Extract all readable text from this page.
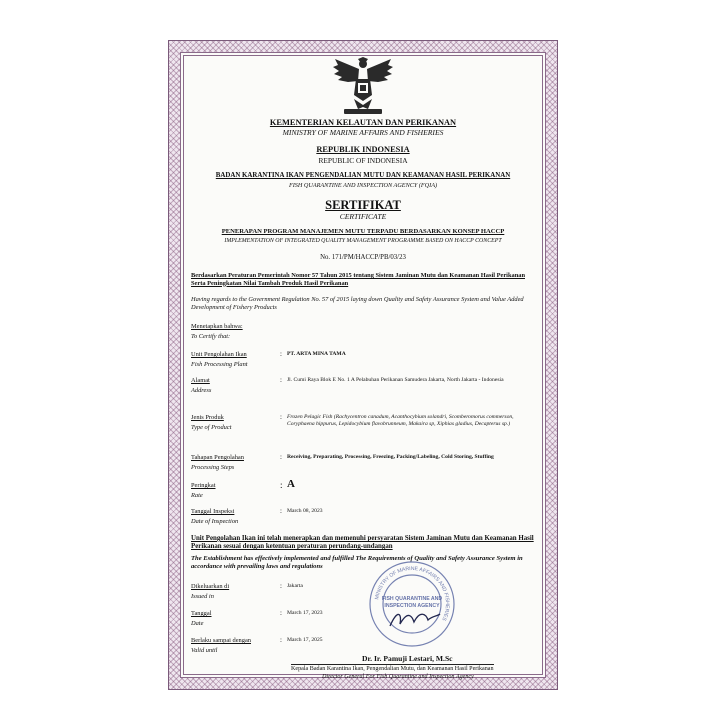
KEMENTERIAN KELAUTAN DAN PERIKANAN
MINISTRY OF MARINE AFFAIRS AND FISHERIES
REPUBLIK INDONESIA
REPUBLIC OF INDONESIA
BADAN KARANTINA IKAN PENGENDALIAN MUTU DAN KEAMANAN HASIL PERIKANAN
FISH QUARANTINE AND INSPECTION AGENCY (FQIA)
SERTIFIKAT
CERTIFICATE
PENERAPAN PROGRAM MANAJEMEN MUTU TERPADU BERDASARKAN KONSEP HACCP
IMPLEMENTATION OF INTEGRATED QUALITY MANAGEMENT PROGRAMME BASED ON HACCP CONCEPT
No. 171/PM/HACCP/PB/03/23
Berdasarkan Peraturan Pemerintah Nomor 57 Tahun 2015 tentang Sistem Jaminan Mutu dan Keamanan Hasil Perikanan Serta Peningkatan Nilai Tambah Produk Hasil Perikanan
Having regards to the Government Regulation No. 57 of 2015 laying down Quality and Safety Assurance System and Value Added Development of Fishery Products
Menetapkan bahwa:
To Certify that:
Unit Pengolahan Ikan
Fish Processing Plant
: PT. ARTA MINA TAMA
Alamat
Address
: Jl. Cumi Raya Blok E No. 1 A Pelabuhan Perikanan Samudera Jakarta, North Jakarta - Indonesia
Jenis Produk
Type of Product
: Frozen Pelagic Fish (Rachycentron canadum, Acanthocybium solandri, Scomberomorus commerson, Coryphaena hippurus, Lepidocybium flavobrunneum, Makaira sp, Xiphias gladius, Decapterus sp.)
Tahapan Pengolahan
Processing Steps
: Receiving, Preparating, Processing, Freezing, Packing/Labeling, Cold Storing, Stuffing
Peringkat
Rate
: A
Tanggal Inspeksi
Date of Inspection
: March 08, 2023
Unit Pengolahan Ikan ini telah menerapkan dan memenuhi persyaratan Sistem Jaminan Mutu dan Keamanan Hasil Perikanan sesuai dengan ketentuan peraturan perundang-undangan
The Establishment has effectively implemented and fulfilled The Requirements of Quality and Safety Assurance System in accordance with prevailing laws and regulations
Dikeluarkan di
Issued in
: Jakarta
Tanggal
Date
: March 17, 2023
Berlaku sampai dengan
Valid until
: March 17, 2025
MINISTRY OF MARINE AFFAIRS AND FISHERIES
FISH QUARANTINE AND
INSPECTION AGENCY
Dr. Ir. Pamuji Lestari, M.Sc
Kepala Badan Karantina Ikan, Pengendalian Mutu, dan Keamanan Hasil Perikanan
Director General For Fish Quarantine and Inspection Agency
